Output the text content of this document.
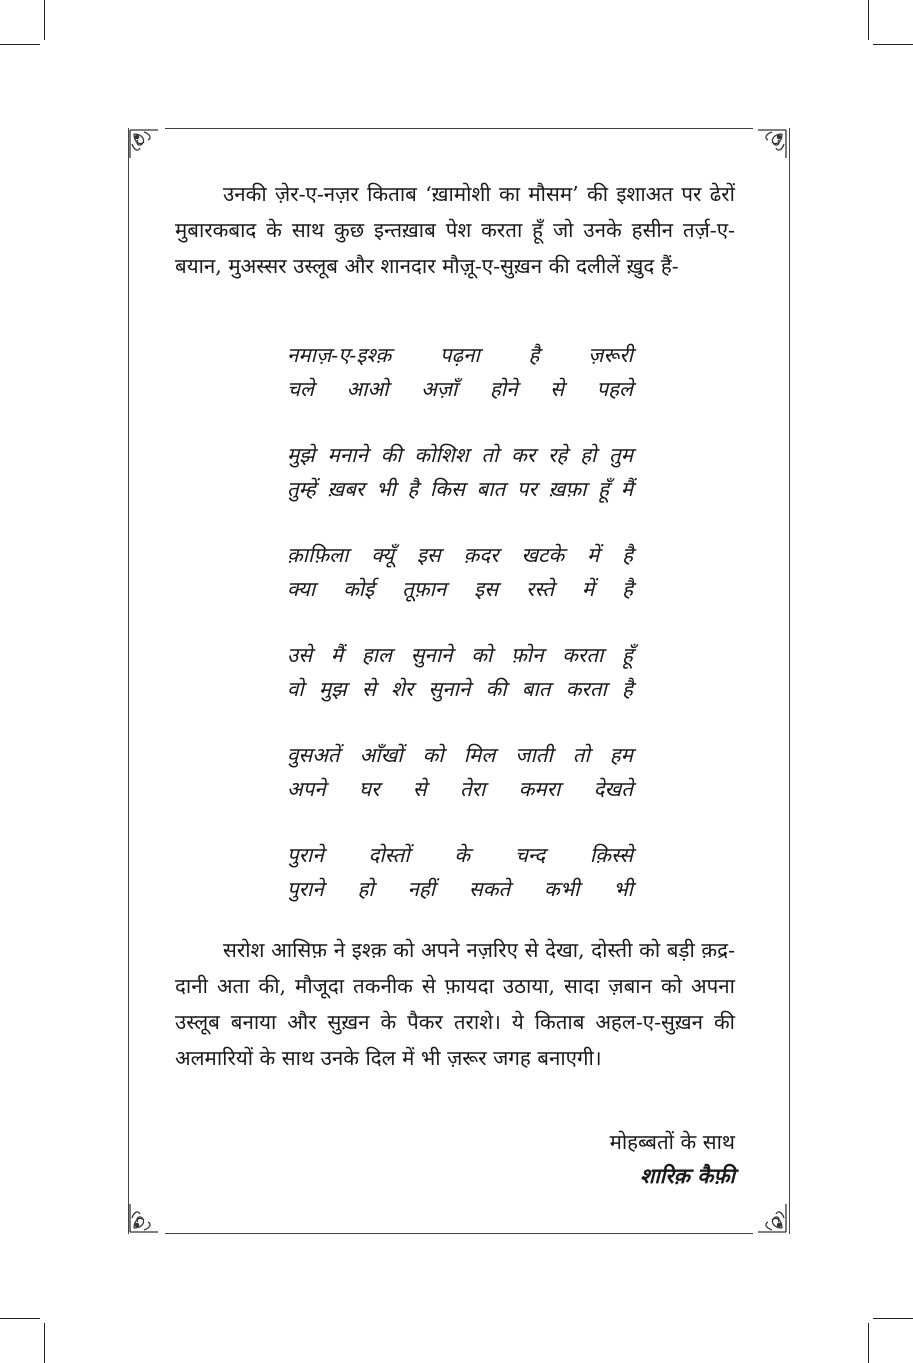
उनकी ज़ेर-ए-नज़र किताब ‘ख़ामोशी का मौसम’ की इशाअत पर ढेरों मुबारकबाद के साथ कुछ इन्तख़ाब पेश करता हूँ जो उनके हसीन तर्ज़-ए-बयान, मुअस्सर उस्लूब और शानदार मौज़ू-ए-सुख़न की दलीलें ख़ुद हैं-

नमाज़-ए-इश्क़ पढ़ना है ज़रूरी
चले आओ अज़ाँ होने से पहले
मुझे मनाने की कोशिश तो कर रहे हो तुम
तुम्हें ख़बर भी है किस बात पर ख़फ़ा हूँ मैं
क़ाफ़िला क्यूँ इस क़दर खटके में है
क्या कोई तूफ़ान इस रस्ते में है
उसे मैं हाल सुनाने को फ़ोन करता हूँ
वो मुझ से शेर सुनाने की बात करता है
वुसअतें आँखों को मिल जाती तो हम
अपने घर से तेरा कमरा देखते
पुराने दोस्तों के चन्द क़िस्से
पुराने हो नहीं सकते कभी भी

सरोश आसिफ़ ने इश्क़ को अपने नज़रिए से देखा, दोस्ती को बड़ी क़द्र-दानी अता की, मौजूदा तकनीक से फ़ायदा उठाया, सादा ज़बान को अपना उस्लूब बनाया और सुख़न के पैकर तराशे। ये किताब अहल-ए-सुख़न की अलमारियों के साथ उनके दिल में भी ज़रूर जगह बनाएगी।

मोहब्बतों के साथ
शारिक़ कैफ़ी
